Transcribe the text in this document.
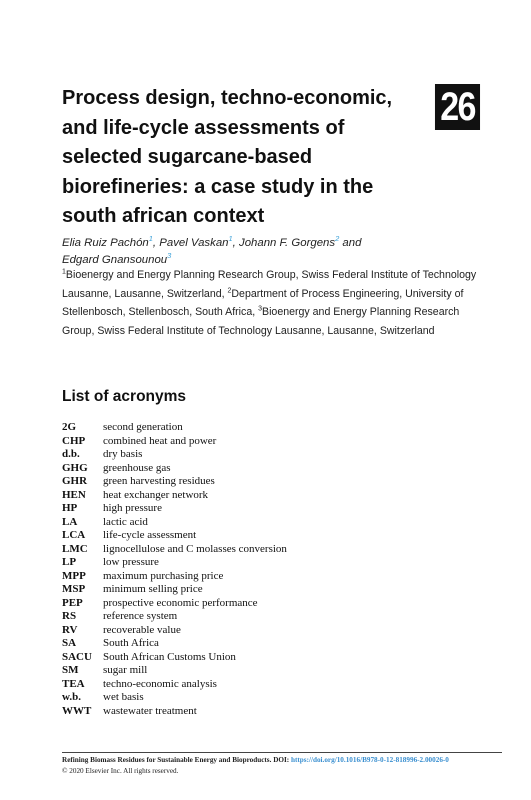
26
Process design, techno-economic, and life-cycle assessments of selected sugarcane-based biorefineries: a case study in the south african context
Elia Ruiz Pachón$^1$, Pavel Vaskan$^1$, Johann F. Gorgens$^2$ and
Edgard Gnansounou$^3$
$^1$Bioenergy and Energy Planning Research Group, Swiss Federal Institute of Technology Lausanne, Lausanne, Switzerland, $^2$Department of Process Engineering, University of Stellenbosch, Stellenbosch, South Africa, $^3$Bioenergy and Energy Planning Research Group, Swiss Federal Institute of Technology Lausanne, Lausanne, Switzerland
List of acronyms
2G second generation
CHP combined heat and power
d.b. dry basis
GHG greenhouse gas
GHR green harvesting residues
HEN heat exchanger network
HP high pressure
LA lactic acid
LCA life-cycle assessment
LMC lignocellulose and C molasses conversion
LP low pressure
MPP maximum purchasing price
MSP minimum selling price
PEP prospective economic performance
RS reference system
RV recoverable value
SA South Africa
SACU South African Customs Union
SM sugar mill
TEA techno-economic analysis
w.b. wet basis
WWT wastewater treatment
Refining Biomass Residues for Sustainable Energy and Bioproducts. DOI: https://doi.org/10.1016/B978-0-12-818996-2.00026-0
© 2020 Elsevier Inc. All rights reserved.
